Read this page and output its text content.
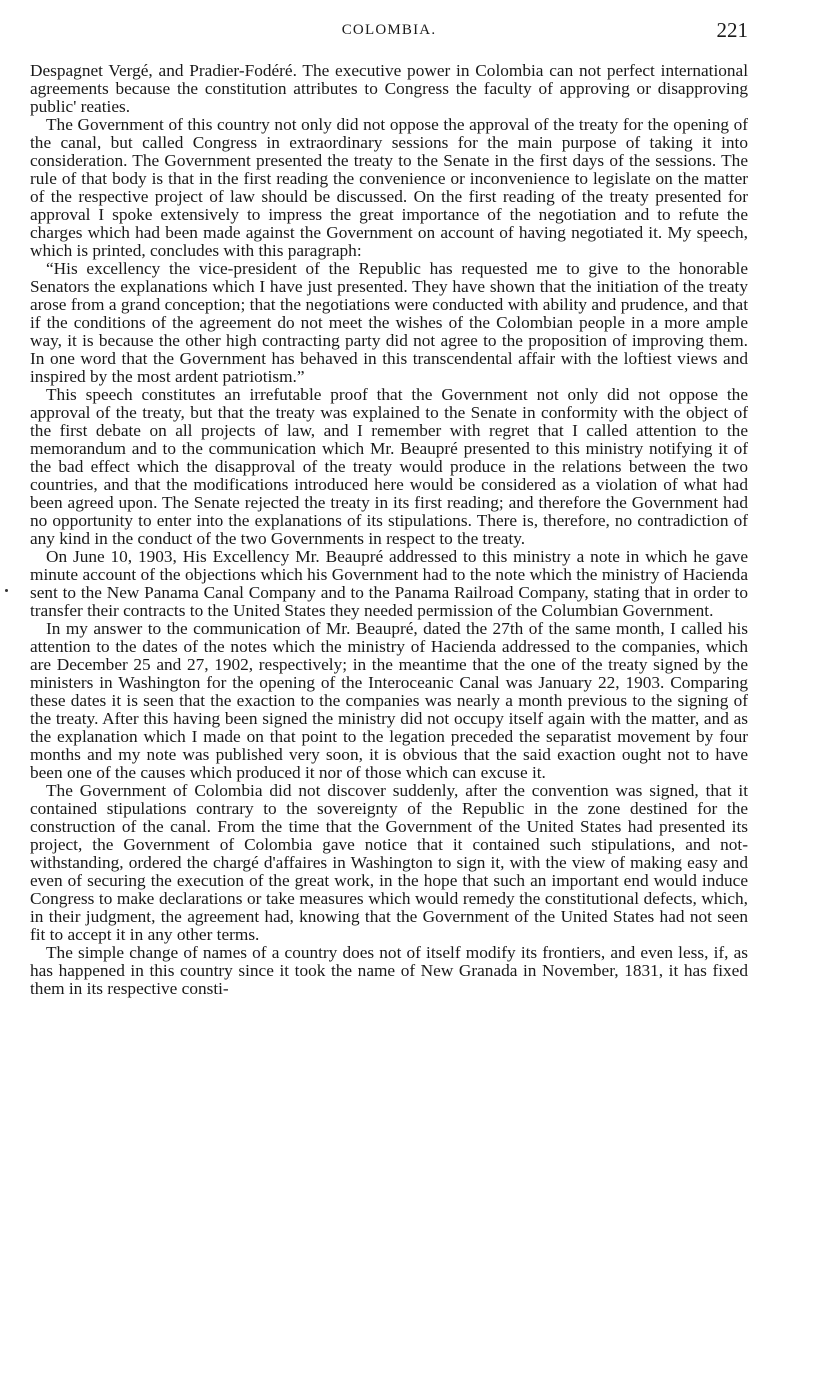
COLOMBIA.	221

Despagnet Vergé, and Pradier-Fodéré. The executive power in Colombia can not perfect international agreements because the constitution attributes to Congress the faculty of approving or disapproving public' reaties.

The Government of this country not only did not oppose the approval of the treaty for the opening of the canal, but called Congress in extraordinary sessions for the main purpose of taking it into consideration. The Government presented the treaty to the Senate in the first days of the sessions. The rule of that body is that in the first reading the convenience or inconvenience to legislate on the matter of the respective project of law should be discussed. On the first reading of the treaty presented for approval I spoke extensively to impress the great importance of the negotiation and to refute the charges which had been made against the Government on account of having negotiated it. My speech, which is printed, concludes with this paragraph:

“His excellency the vice-president of the Republic has requested me to give to the honorable Senators the explanations which I have just presented. They have shown that the initiation of the treaty arose from a grand conception; that the negotiations were conducted with ability and prudence, and that if the conditions of the agreement do not meet the wishes of the Colombian people in a more ample way, it is because the other high contracting party did not agree to the proposition of improving them. In one word that the Government has behaved in this transcendental affair with the loftiest views and inspired by the most ardent patriotism.”

This speech constitutes an irrefutable proof that the Government not only did not oppose the approval of the treaty, but that the treaty was explained to the Senate in conformity with the object of the first debate on all projects of law, and I remember with regret that I called attention to the memorandum and to the communication which Mr. Beaupré presented to this ministry notifying it of the bad effect which the disapproval of the treaty would produce in the relations between the two countries, and that the modifications introduced here would be considered as a violation of what had been agreed upon. The Senate rejected the treaty in its first reading; and therefore the Government had no opportunity to enter into the explanations of its stipulations. There is, therefore, no contradiction of any kind in the conduct of the two Governments in respect to the treaty.

On June 10, 1903, His Excellency Mr. Beaupré addressed to this ministry a note in which he gave minute account of the objections which his Government had to the note which the ministry of Hacienda sent to the New Panama Canal Company and to the Panama Railroad Company, stating that in order to transfer their contracts to the United States they needed permission of the Columbian Government.

In my answer to the communication of Mr. Beaupré, dated the 27th of the same month, I called his attention to the dates of the notes which the ministry of Hacienda addressed to the companies, which are December 25 and 27, 1902, respectively; in the meantime that the one of the treaty signed by the ministers in Washington for the opening of the Interoceanic Canal was January 22, 1903. Comparing these dates it is seen that the exaction to the companies was nearly a month previous to the signing of the treaty. After this having been signed the ministry did not occupy itself again with the matter, and as the explanation which I made on that point to the legation preceded the separatist movement by four months and my note was published very soon, it is obvious that the said exaction ought not to have been one of the causes which produced it nor of those which can excuse it.

The Government of Colombia did not discover suddenly, after the convention was signed, that it contained stipulations contrary to the sovereignty of the Republic in the zone destined for the construction of the canal. From the time that the Government of the United States had presented its project, the Government of Colombia gave notice that it contained such stipulations, and notwithstanding, ordered the chargé d'affaires in Washington to sign it, with the view of making easy and even of securing the execution of the great work, in the hope that such an important end would induce Congress to make declarations or take measures which would remedy the constitutional defects, which, in their judgment, the agreement had, knowing that the Government of the United States had not seen fit to accept it in any other terms.

The simple change of names of a country does not of itself modify its frontiers, and even less, if, as has happened in this country since it took the name of New Granada in November, 1831, it has fixed them in its respective consti-
